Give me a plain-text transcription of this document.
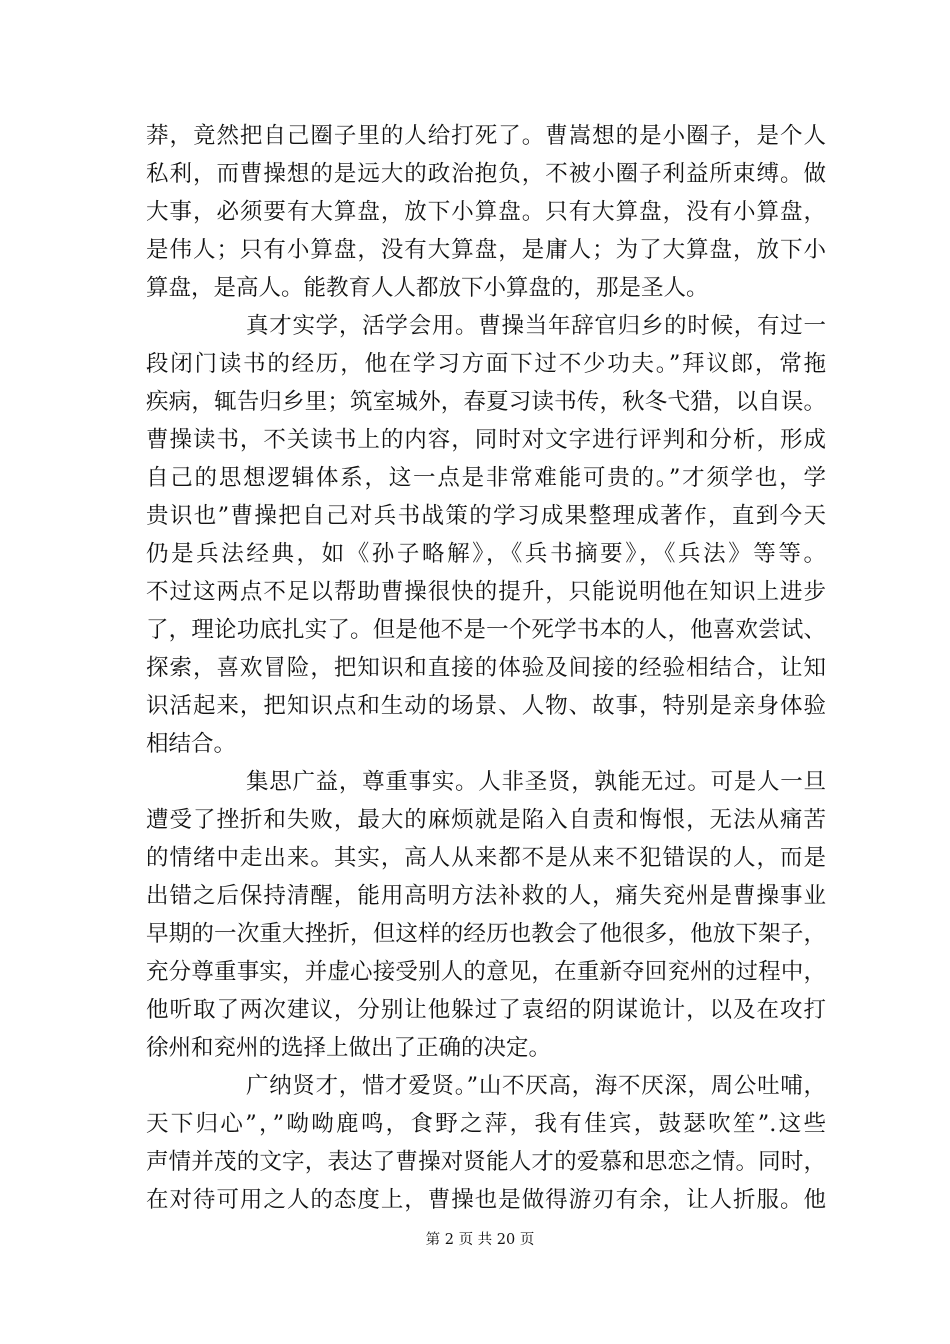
莽，竟然把自己圈子里的人给打死了。曹嵩想的是小圈子，是个人
私利，而曹操想的是远大的政治抱负，不被小圈子利益所束缚。做
大事，必须要有大算盘，放下小算盘。只有大算盘，没有小算盘，
是伟人；只有小算盘，没有大算盘，是庸人；为了大算盘，放下小
算盘，是高人。能教育人人都放下小算盘的，那是圣人。
真才实学，活学会用。曹操当年辞官归乡的时候，有过一
段闭门读书的经历，他在学习方面下过不少功夫。”拜议郎，常拖
疾病，辄告归乡里；筑室城外，春夏习读书传，秋冬弋猎，以自误。
曹操读书，不关读书上的内容，同时对文字进行评判和分析，形成
自己的思想逻辑体系，这一点是非常难能可贵的。”才须学也，学
贵识也”曹操把自己对兵书战策的学习成果整理成著作，直到今天
仍是兵法经典，如《孙子略解》，《兵书摘要》，《兵法》等等。
不过这两点不足以帮助曹操很快的提升，只能说明他在知识上进步
了，理论功底扎实了。但是他不是一个死学书本的人，他喜欢尝试、
探索，喜欢冒险，把知识和直接的体验及间接的经验相结合，让知
识活起来，把知识点和生动的场景、人物、故事，特别是亲身体验
相结合。
集思广益，尊重事实。人非圣贤，孰能无过。可是人一旦
遭受了挫折和失败，最大的麻烦就是陷入自责和悔恨，无法从痛苦
的情绪中走出来。其实，高人从来都不是从来不犯错误的人，而是
出错之后保持清醒，能用高明方法补救的人，痛失兖州是曹操事业
早期的一次重大挫折，但这样的经历也教会了他很多，他放下架子，
充分尊重事实，并虚心接受别人的意见，在重新夺回兖州的过程中，
他听取了两次建议，分别让他躲过了袁绍的阴谋诡计，以及在攻打
徐州和兖州的选择上做出了正确的决定。
广纳贤才，惜才爱贤。”山不厌高，海不厌深，周公吐哺，
天下归心”，”呦呦鹿鸣，食野之萍，我有佳宾，鼓瑟吹笙”.这些
声情并茂的文字，表达了曹操对贤能人才的爱慕和思恋之情。同时，
在对待可用之人的态度上，曹操也是做得游刃有余，让人折服。他
第 2 页 共 20 页
